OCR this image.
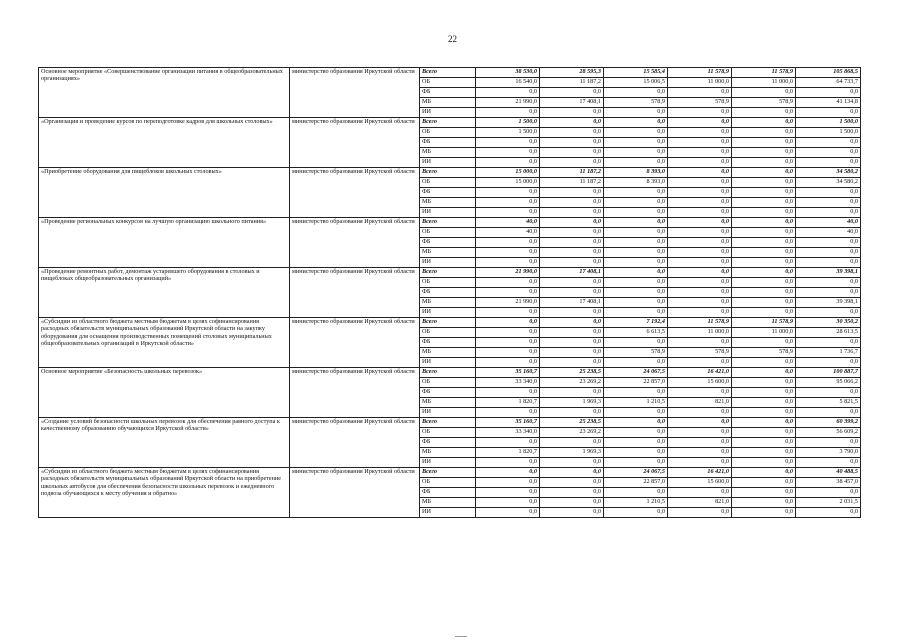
22
Основное мероприятие «Совершенствование организации питания в общеобразовательных организациях»	министерство образования Иркутской области	Всего	38 530,0	28 595,3	15 585,4	11 578,9	11 578,9	105 868,5
		ОБ	16 540,0	11 187,2	15 006,5	11 000,0	11 000,0	64 733,7
		ФБ	0,0	0,0	0,0	0,0	0,0	0,0
		МБ	21 990,0	17 408,1	578,9	578,9	578,9	41 134,8
		ИИ	0,0	0,0	0,0	0,0	0,0	0,0
«Организация и проведение курсов по переподготовке кадров для школьных столовых»	министерство образования Иркутской области	Всего	1 500,0	0,0	0,0	0,0	0,0	1 500,0
		ОБ	1 500,0	0,0	0,0	0,0	0,0	1 500,0
		ФБ	0,0	0,0	0,0	0,0	0,0	0,0
		МБ	0,0	0,0	0,0	0,0	0,0	0,0
		ИИ	0,0	0,0	0,0	0,0	0,0	0,0
«Приобретение оборудования для пищеблоков школьных столовых»	министерство образования Иркутской области	Всего	15 000,0	11 187,2	8 393,0	0,0	0,0	34 580,2
		ОБ	15 000,0	11 187,2	8 393,0	0,0	0,0	34 580,2
		ФБ	0,0	0,0	0,0	0,0	0,0	0,0
		МБ	0,0	0,0	0,0	0,0	0,0	0,0
		ИИ	0,0	0,0	0,0	0,0	0,0	0,0
«Проведение региональных конкурсов на лучшую организацию школьного питания»	министерство образования Иркутской области	Всего	40,0	0,0	0,0	0,0	0,0	40,0
		ОБ	40,0	0,0	0,0	0,0	0,0	40,0
		ФБ	0,0	0,0	0,0	0,0	0,0	0,0
		МБ	0,0	0,0	0,0	0,0	0,0	0,0
		ИИ	0,0	0,0	0,0	0,0	0,0	0,0
«Проведение ремонтных работ, демонтаж устаревшего оборудования в столовых и пищеблоках общеобразовательных организаций»	министерство образования Иркутской области	Всего	21 990,0	17 408,1	0,0	0,0	0,0	39 398,1
		ОБ	0,0	0,0	0,0	0,0	0,0	0,0
		ФБ	0,0	0,0	0,0	0,0	0,0	0,0
		МБ	21 990,0	17 408,1	0,0	0,0	0,0	39 398,1
		ИИ	0,0	0,0	0,0	0,0	0,0	0,0
«Субсидии из областного бюджета местным бюджетам в целях софинансирования расходных обязательств муниципальных образований Иркутской области на закупку оборудования для оснащения производственных помещений столовых муниципальных общеобразовательных организаций в Иркутской области»	министерство образования Иркутской области	Всего	0,0	0,0	7 192,4	11 578,9	11 578,9	30 350,2
		ОБ	0,0	0,0	6 613,5	11 000,0	11 000,0	28 613,5
		ФБ	0,0	0,0	0,0	0,0	0,0	0,0
		МБ	0,0	0,0	578,9	578,9	578,9	1 736,7
		ИИ	0,0	0,0	0,0	0,0	0,0	0,0
Основное мероприятие «Безопасность школьных перевозок»	министерство образования Иркутской области	Всего	35 160,7	25 238,5	24 067,5	16 421,0	0,0	100 887,7
		ОБ	33 340,0	23 269,2	22 857,0	15 600,0	0,0	95 066,2
		ФБ	0,0	0,0	0,0	0,0	0,0	0,0
		МБ	1 820,7	1 969,3	1 210,5	821,0	0,0	5 821,5
		ИИ	0,0	0,0	0,0	0,0	0,0	0,0
«Создание условий безопасности школьных перевозок для обеспечения равного доступа к качественному образованию обучающихся Иркутской области»	министерство образования Иркутской области	Всего	35 160,7	25 238,5	0,0	0,0	0,0	60 399,2
		ОБ	33 340,0	23 269,2	0,0	0,0	0,0	56 609,2
		ФБ	0,0	0,0	0,0	0,0	0,0	0,0
		МБ	1 820,7	1 969,3	0,0	0,0	0,0	3 790,0
		ИИ	0,0	0,0	0,0	0,0	0,0	0,0
«Субсидии из областного бюджета местным бюджетам в целях софинансирования расходных обязательств муниципальных образований Иркутской области на приобретение школьных автобусов для обеспечения безопасности школьных перевозок и ежедневного подвоза обучающихся к месту обучения и обратно»	министерство образования Иркутской области	Всего	0,0	0,0	24 067,5	16 421,0	0,0	40 488,5
		ОБ	0,0	0,0	22 857,0	15 600,0	0,0	38 457,0
		ФБ	0,0	0,0	0,0	0,0	0,0	0,0
		МБ	0,0	0,0	1 210,5	821,0	0,0	2 031,5
		ИИ	0,0	0,0	0,0	0,0	0,0	0,0
